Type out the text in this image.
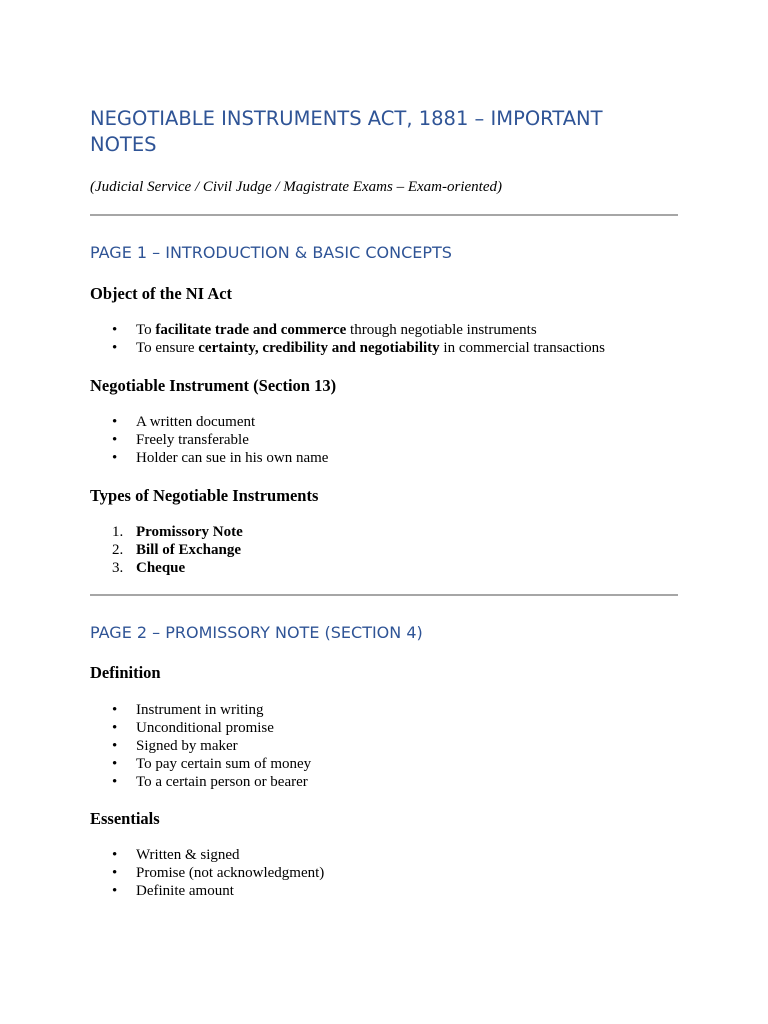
NEGOTIABLE INSTRUMENTS ACT, 1881 – IMPORTANT NOTES

(Judicial Service / Civil Judge / Magistrate Exams – Exam-oriented)

PAGE 1 – INTRODUCTION & BASIC CONCEPTS
Object of the NI Act
• To facilitate trade and commerce through negotiable instruments
• To ensure certainty, credibility and negotiability in commercial transactions
Negotiable Instrument (Section 13)
• A written document
• Freely transferable
• Holder can sue in his own name
Types of Negotiable Instruments
1. Promissory Note
2. Bill of Exchange
3. Cheque
PAGE 2 – PROMISSORY NOTE (SECTION 4)
Definition
• Instrument in writing
• Unconditional promise
• Signed by maker
• To pay certain sum of money
• To a certain person or bearer
Essentials
• Written & signed
• Promise (not acknowledgment)
• Definite amount
